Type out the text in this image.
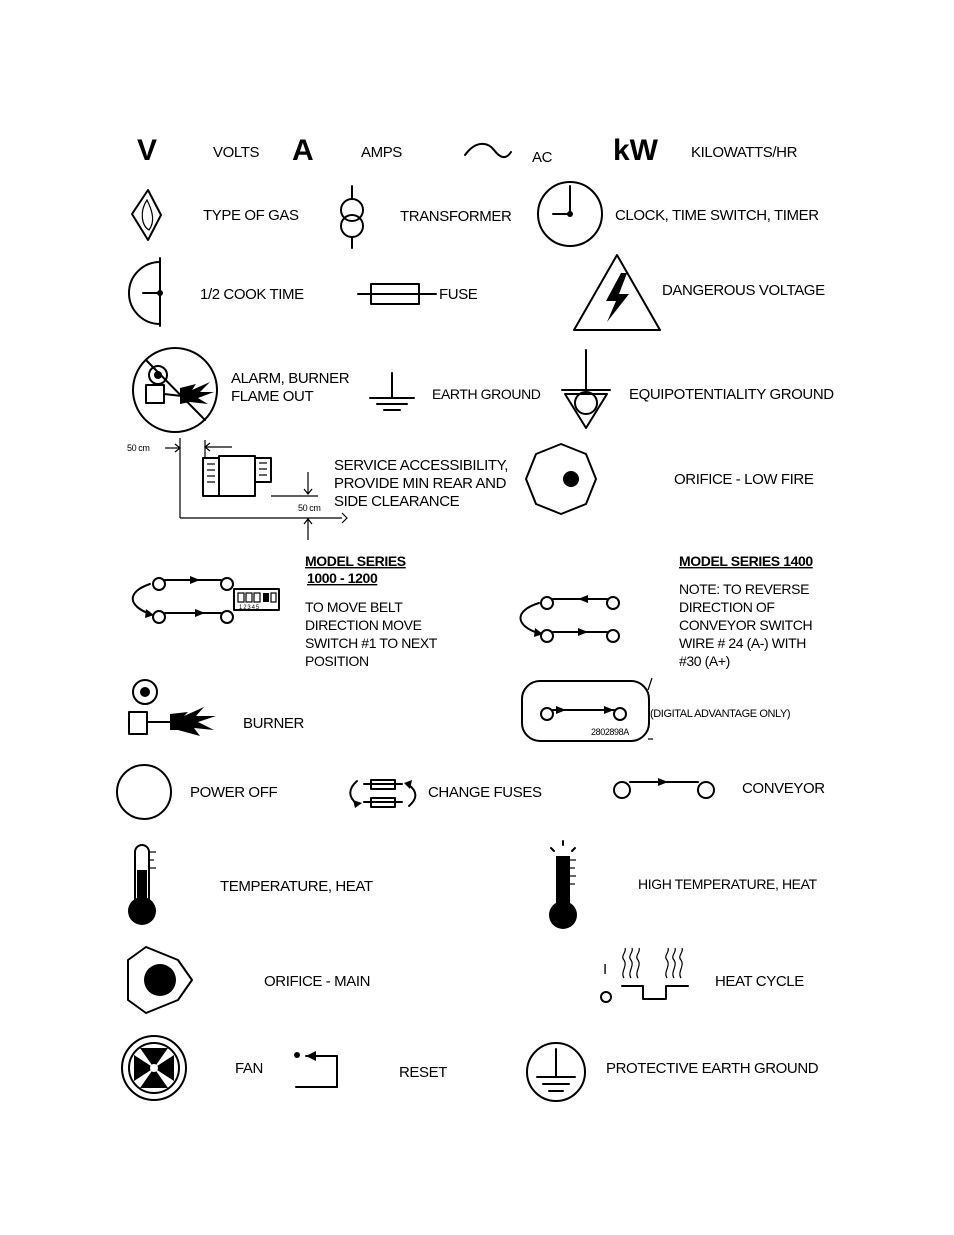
V	VOLTS A	AMPS	AC kW KILOWATTS/HR
TYPE OF GAS	TRANSFORMER	CLOCK, TIME SWITCH, TIMER
1/2 COOK TIME	FUSE	DANGEROUS VOLTAGE
ALARM, BURNER
FLAME OUT	EARTH GROUND	EQUIPOTENTIALITY GROUND
50 cm
50 cm
SERVICE ACCESSIBILITY,
PROVIDE MIN REAR AND
SIDE CLEARANCE
ORIFICE - LOW FIRE
MODEL SERIES
1000 - 1200
TO MOVE BELT
DIRECTION MOVE
SWITCH #1 TO NEXT
POSITION
1 2 3 4 5
MODEL SERIES 1400
NOTE: TO REVERSE
DIRECTION OF
CONVEYOR SWITCH
WIRE # 24 (A-) WITH
#30 (A+)
BURNER	2802898A
(DIGITAL ADVANTAGE ONLY)
POWER OFF	CHANGE FUSES	CONVEYOR
TEMPERATURE, HEAT	HIGH TEMPERATURE, HEAT
ORIFICE - MAIN
I
HEAT CYCLE
FAN	RESET	PROTECTIVE EARTH GROUND
